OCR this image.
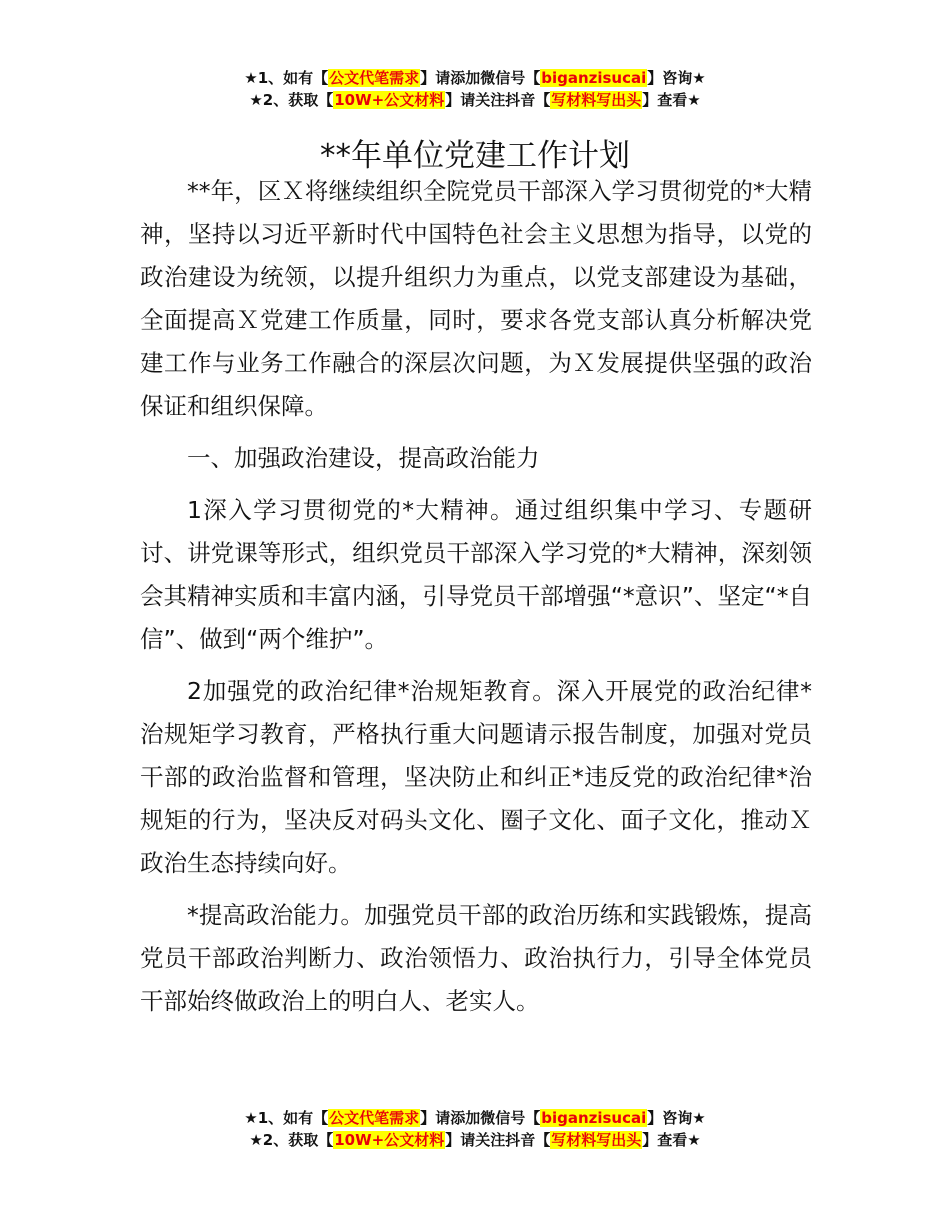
★1、如有【公文代笔需求】请添加微信号【biganzisucai】咨询★
★2、获取【10W+公文材料】请关注抖音【写材料写出头】查看★
**年单位党建工作计划

**年，区Ｘ将继续组织全院党员干部深入学习贯彻党的*大精神，坚持以习近平新时代中国特色社会主义思想为指导，以党的政治建设为统领，以提升组织力为重点，以党支部建设为基础，全面提高Ｘ党建工作质量，同时，要求各党支部认真分析解决党建工作与业务工作融合的深层次问题，为Ｘ发展提供坚强的政治保证和组织保障。

一、加强政治建设，提高政治能力

1深入学习贯彻党的*大精神。通过组织集中学习、专题研讨、讲党课等形式，组织党员干部深入学习党的*大精神，深刻领会其精神实质和丰富内涵，引导党员干部增强“*意识”、坚定“*自信”、做到“两个维护”。

2加强党的政治纪律*治规矩教育。深入开展党的政治纪律*治规矩学习教育，严格执行重大问题请示报告制度，加强对党员干部的政治监督和管理，坚决防止和纠正*违反党的政治纪律*治规矩的行为，坚决反对码头文化、圈子文化、面子文化，推动Ｘ政治生态持续向好。

*提高政治能力。加强党员干部的政治历练和实践锻炼，提高党员干部政治判断力、政治领悟力、政治执行力，引导全体党员干部始终做政治上的明白人、老实人。

★1、如有【公文代笔需求】请添加微信号【biganzisucai】咨询★
★2、获取【10W+公文材料】请关注抖音【写材料写出头】查看★
